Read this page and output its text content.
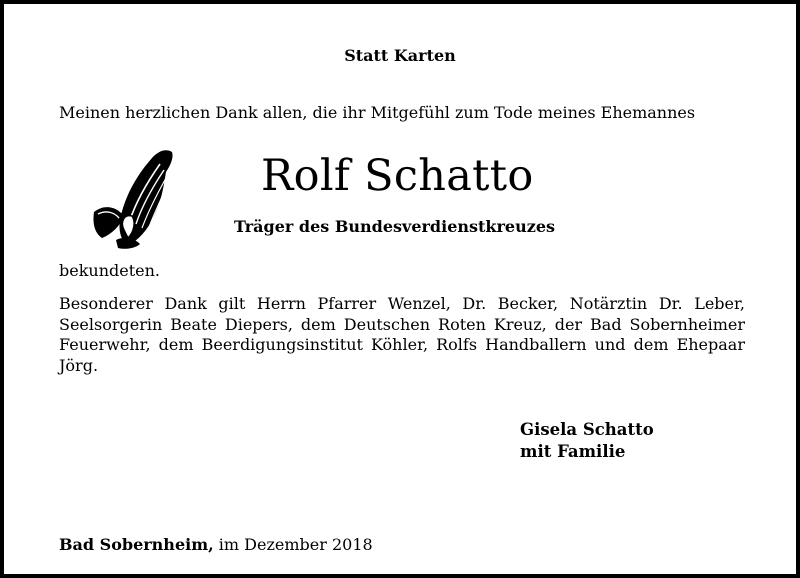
Statt Karten
Meinen herzlichen Dank allen, die ihr Mitgefühl zum Tode meines Ehemannes
Rolf Schatto
Träger des Bundesverdienstkreuzes
bekundeten.
Besonderer Dank gilt Herrn Pfarrer Wenzel, Dr. Becker, Notärztin Dr. Leber, Seelsorgerin Beate Diepers, dem Deutschen Roten Kreuz, der Bad Sobernheimer Feuerwehr, dem Beerdigungsinstitut Köhler, Rolfs Handballern und dem Ehepaar Jörg.
Gisela Schatto
mit Familie
Bad Sobernheim, im Dezember 2018
